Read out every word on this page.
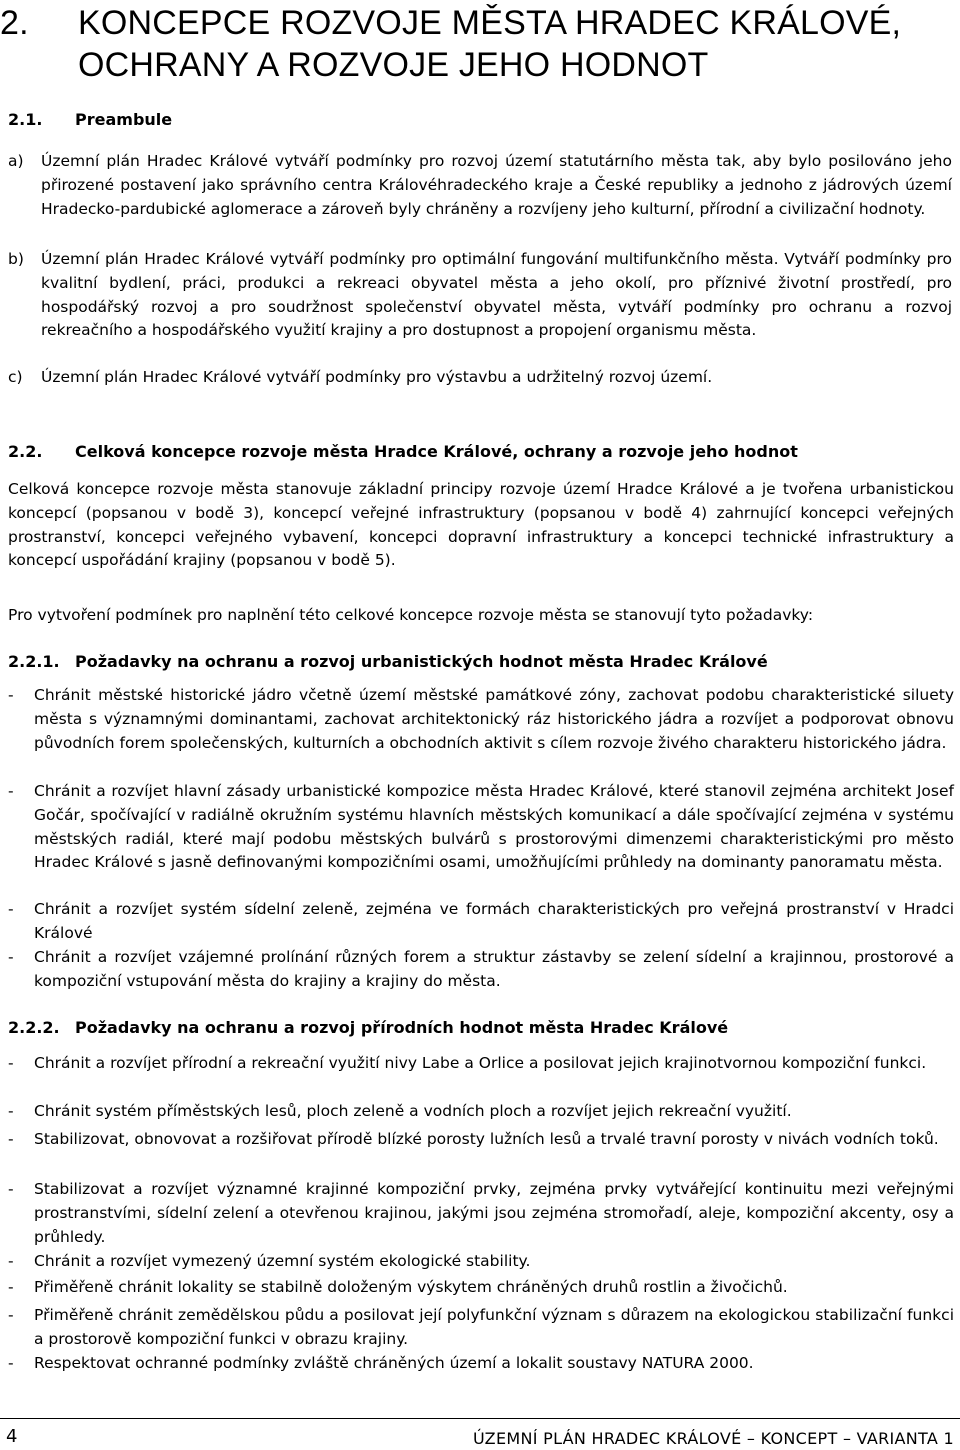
2. KONCEPCE ROZVOJE MĚSTA HRADEC KRÁLOVÉ,
OCHRANY A ROZVOJE JEHO HODNOT
2.1. Preambule
a) Územní plán Hradec Králové vytváří podmínky pro rozvoj území statutárního města tak, aby bylo posilováno jeho přirozené postavení jako správního centra Královéhradeckého kraje a České republiky a jednoho z jádrových území Hradecko-pardubické aglomerace a zároveň byly chráněny a rozvíjeny jeho kulturní, přírodní a civilizační hodnoty.
b) Územní plán Hradec Králové vytváří podmínky pro optimální fungování multifunkčního města. Vytváří podmínky pro kvalitní bydlení, práci, produkci a rekreaci obyvatel města a jeho okolí, pro příznivé životní prostředí, pro hospodářský rozvoj a pro soudržnost společenství obyvatel města, vytváří podmínky pro ochranu a rozvoj rekreačního a hospodářského využití krajiny a pro dostupnost a propojení organismu města.
c) Územní plán Hradec Králové vytváří podmínky pro výstavbu a udržitelný rozvoj území.
2.2. Celková koncepce rozvoje města Hradce Králové, ochrany a rozvoje jeho hodnot
Celková koncepce rozvoje města stanovuje základní principy rozvoje území Hradce Králové a je tvořena urbanistickou koncepcí (popsanou v bodě 3), koncepcí veřejné infrastruktury (popsanou v bodě 4) zahrnující koncepci veřejných prostranství, koncepci veřejného vybavení, koncepci dopravní infrastruktury a koncepci technické infrastruktury a koncepcí uspořádání krajiny (popsanou v bodě 5).
Pro vytvoření podmínek pro naplnění této celkové koncepce rozvoje města se stanovují tyto požadavky:
2.2.1. Požadavky na ochranu a rozvoj urbanistických hodnot města Hradec Králové
- Chránit městské historické jádro včetně území městské památkové zóny, zachovat podobu charakteristické siluety města s významnými dominantami, zachovat architektonický ráz historického jádra a rozvíjet a podporovat obnovu původních forem společenských, kulturních a obchodních aktivit s cílem rozvoje živého charakteru historického jádra.
- Chránit a rozvíjet hlavní zásady urbanistické kompozice města Hradec Králové, které stanovil zejména architekt Josef Gočár, spočívající v radiálně okružním systému hlavních městských komunikací a dále spočívající zejména v systému městských radiál, které mají podobu městských bulvárů s prostorovými dimenzemi charakteristickými pro město Hradec Králové s jasně definovanými kompozičními osami, umožňujícími průhledy na dominanty panoramatu města.
- Chránit a rozvíjet systém sídelní zeleně, zejména ve formách charakteristických pro veřejná prostranství v Hradci Králové
- Chránit a rozvíjet vzájemné prolínání různých forem a struktur zástavby se zelení sídelní a krajinnou, prostorové a kompoziční vstupování města do krajiny a krajiny do města.
2.2.2. Požadavky na ochranu a rozvoj přírodních hodnot města Hradec Králové
- Chránit a rozvíjet přírodní a rekreační využití nivy Labe a Orlice a posilovat jejich krajinotvornou kompoziční funkci.
- Chránit systém příměstských lesů, ploch zeleně a vodních ploch a rozvíjet jejich rekreační využití.
- Stabilizovat, obnovovat a rozšiřovat přírodě blízké porosty lužních lesů a trvalé travní porosty v nivách vodních toků.
- Stabilizovat a rozvíjet významné krajinné kompoziční prvky, zejména prvky vytvářející kontinuitu mezi veřejnými prostranstvími, sídelní zelení a otevřenou krajinou, jakými jsou zejména stromořadí, aleje, kompoziční akcenty, osy a průhledy.
- Chránit a rozvíjet vymezený územní systém ekologické stability.
- Přiměřeně chránit lokality se stabilně doloženým výskytem chráněných druhů rostlin a živočichů.
- Přiměřeně chránit zemědělskou půdu a posilovat její polyfunkční význam s důrazem na ekologickou stabilizační funkci a prostorově kompoziční funkci v obrazu krajiny.
- Respektovat ochranné podmínky zvláště chráněných území a lokalit soustavy NATURA 2000.
4	ÚZEMNÍ PLÁN HRADEC KRÁLOVÉ – KONCEPT – VARIANTA 1
